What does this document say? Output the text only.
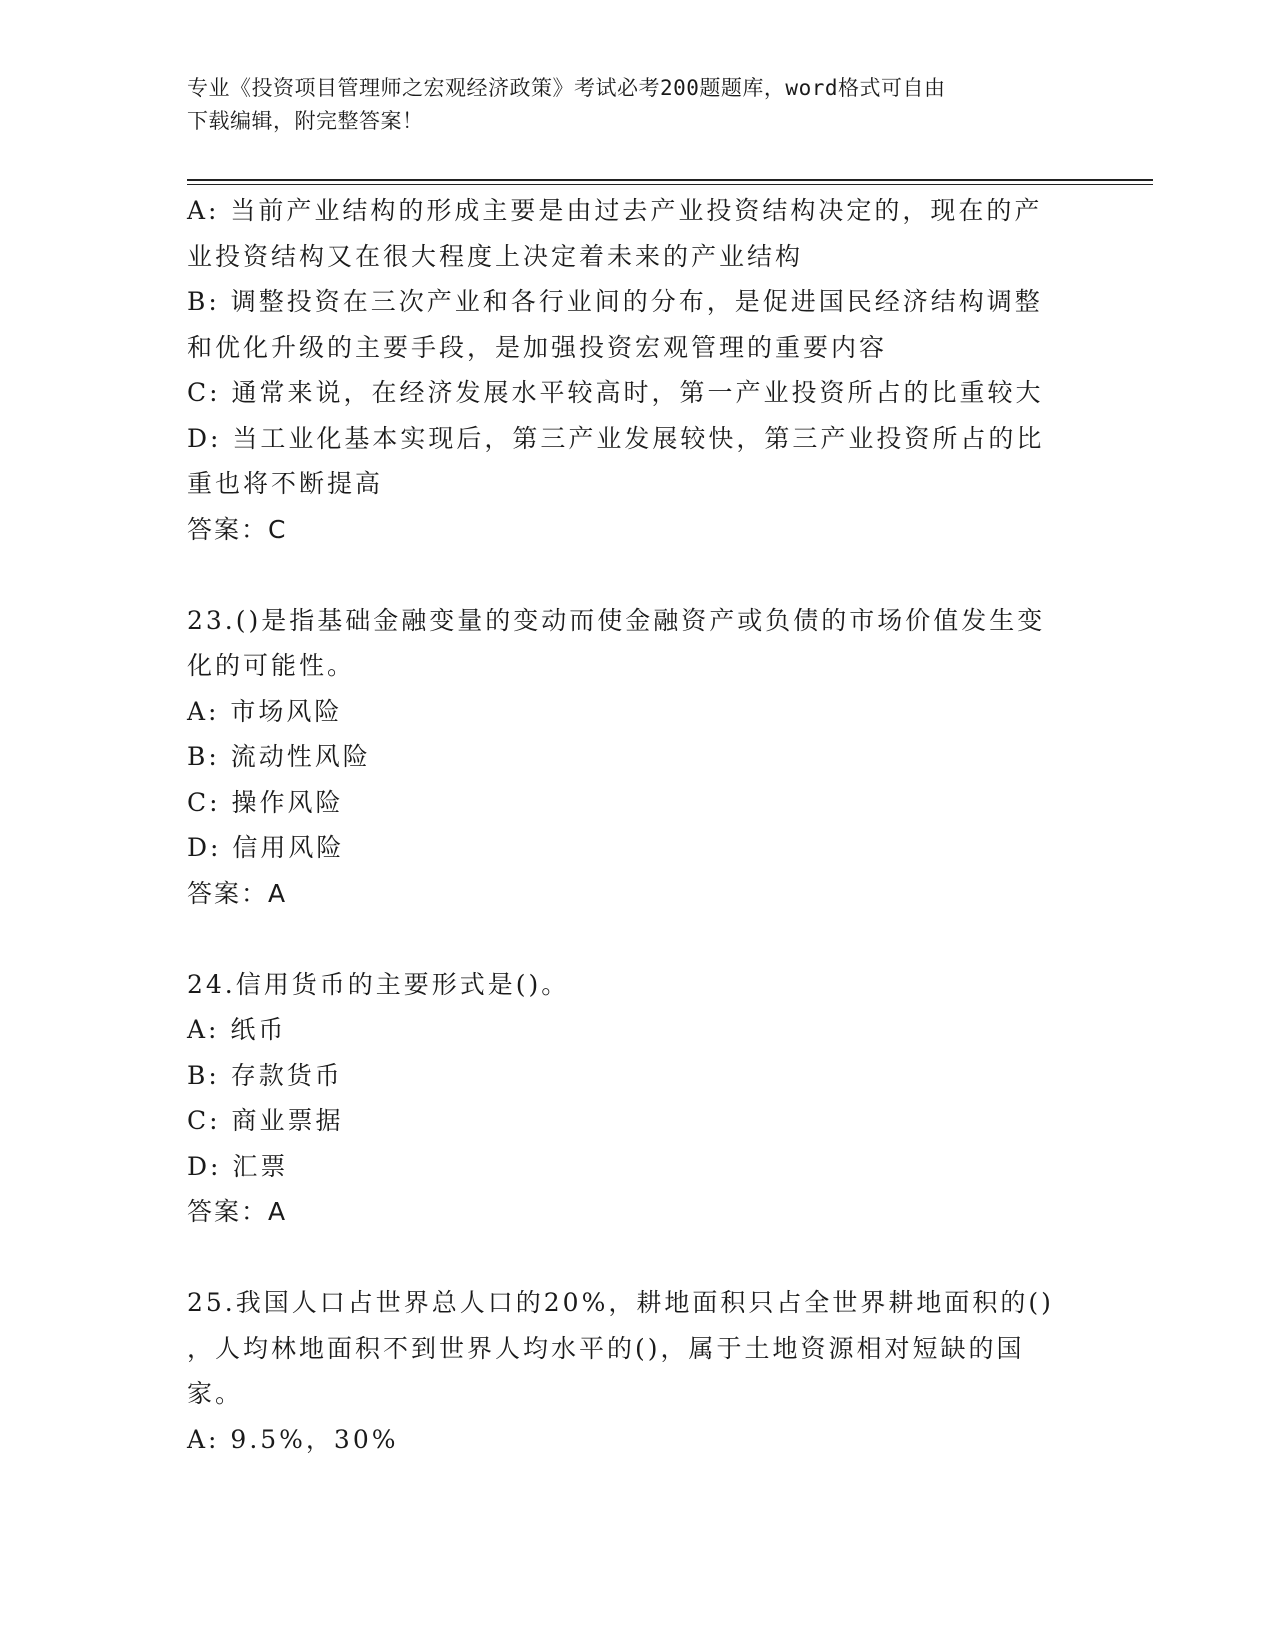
专业《投资项目管理师之宏观经济政策》考试必考200题题库，word格式可自由
下载编辑，附完整答案！
A: 当前产业结构的形成主要是由过去产业投资结构决定的，现在的产
业投资结构又在很大程度上决定着未来的产业结构
B: 调整投资在三次产业和各行业间的分布，是促进国民经济结构调整
和优化升级的主要手段，是加强投资宏观管理的重要内容
C: 通常来说，在经济发展水平较高时，第一产业投资所占的比重较大
D: 当工业化基本实现后，第三产业发展较快，第三产业投资所占的比
重也将不断提高
答案：C
23.()是指基础金融变量的变动而使金融资产或负债的市场价值发生变
化的可能性。
A: 市场风险
B: 流动性风险
C: 操作风险
D: 信用风险
答案：A
24.信用货币的主要形式是()。
A: 纸币
B: 存款货币
C: 商业票据
D: 汇票
答案：A
25.我国人口占世界总人口的20%，耕地面积只占全世界耕地面积的()
，人均林地面积不到世界人均水平的()，属于土地资源相对短缺的国
家。
A: 9.5%，30%
